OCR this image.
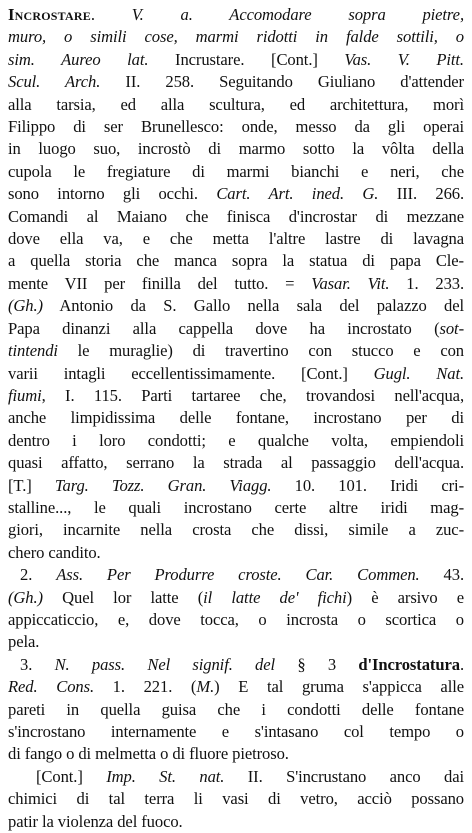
Incrostare. V. a. Accomodare sopra pietre,
muro, o simili cose, marmi ridotti in falde sottili, o
sim. Aureo lat. Incrustare. [Cont.] Vas. V. Pitt.
Scul. Arch. II. 258. Seguitando Giuliano d'attender
alla tarsia, ed alla scultura, ed architettura, morì
Filippo di ser Brunellesco: onde, messo da gli operai
in luogo suo, incrostò di marmo sotto la vôlta della
cupola le fregiature di marmi bianchi e neri, che
sono intorno gli occhi. Cart. Art. ined. G. III. 266.
Comandi al Maiano che finisca d'incrostar di mezzane
dove ella va, e che metta l'altre lastre di lavagna
a quella storia che manca sopra la statua di papa Cle-
mente VII per finilla del tutto. = Vasar. Vit. 1. 233.
(Gh.) Antonio da S. Gallo nella sala del palazzo del
Papa dinanzi alla cappella dove ha incrostato (sot-
tintendi le muraglie) di travertino con stucco e con
varii intagli eccellentissimamente. [Cont.] Gugl. Nat.
fiumi, I. 115. Parti tartaree che, trovandosi nell'acqua,
anche limpidissima delle fontane, incrostano per di
dentro i loro condotti; e qualche volta, empiendoli
quasi affatto, serrano la strada al passaggio dell'acqua.
[T.] Targ. Tozz. Gran. Viagg. 10. 101. Iridi cri-
stalline..., le quali incrostano certe altre iridi mag-
giori, incarnite nella crosta che dissi, simile a zuc-
chero candito.
2. Ass. Per Produrre croste. Car. Commen. 43.
(Gh.) Quel lor latte (il latte de' fichi) è arsivo e
appiccaticcio, e, dove tocca, o incrosta o scortica o
pela.
3. N. pass. Nel signif. del § 3 d'Incrostatura.
Red. Cons. 1. 221. (M.) E tal gruma s'appicca alle
pareti in quella guisa che i condotti delle fontane
s'incrostano internamente e s'intasano col tempo o
di fango o di melmetta o di fluore pietroso.
[Cont.] Imp. St. nat. II. S'incrustano anco dai
chimici di tal terra li vasi di vetro, acciò possano
patir la violenza del fuoco.
